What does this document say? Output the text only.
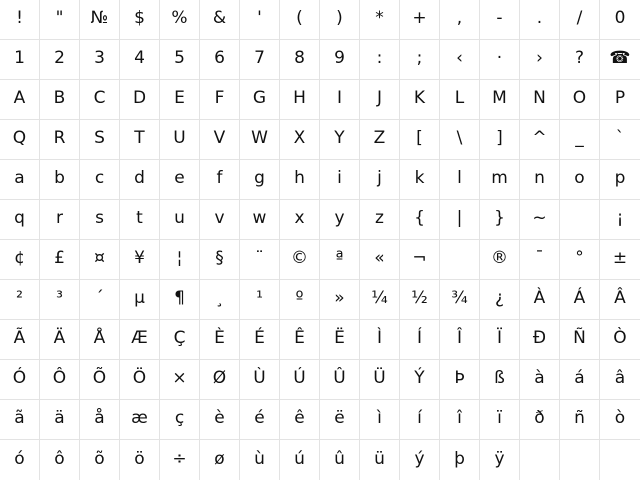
! " № $ % & ' ( ) * + , - . / 0
1 2 3 4 5 6 7 8 9 : ; ‹ · › ? ☎
A B C D E F G H I J K L M N O P
Q R S T U V W X Y Z [ \ ] ^ _ `
a b c d e f g h i j k l m n o p
q r s t u v w x y z { | } ~	¡
¢ £ ¤ ¥ ¦ § ¨ © ª « ¬	® ¯ ° ±
² ³ ´ µ ¶ ¸ ¹ º » ¼ ½ ¾ ¿ À Á Â
Ã Ä Å Æ Ç È É Ê Ë Ì Í Î Ï Ð Ñ Ò
Ó Ô Õ Ö × Ø Ù Ú Û Ü Ý Þ ß à á â
ã ä å æ ç è é ê ë ì í î ï ð ñ ò
ó ô õ ö ÷ ø ù ú û ü ý þ ÿ
